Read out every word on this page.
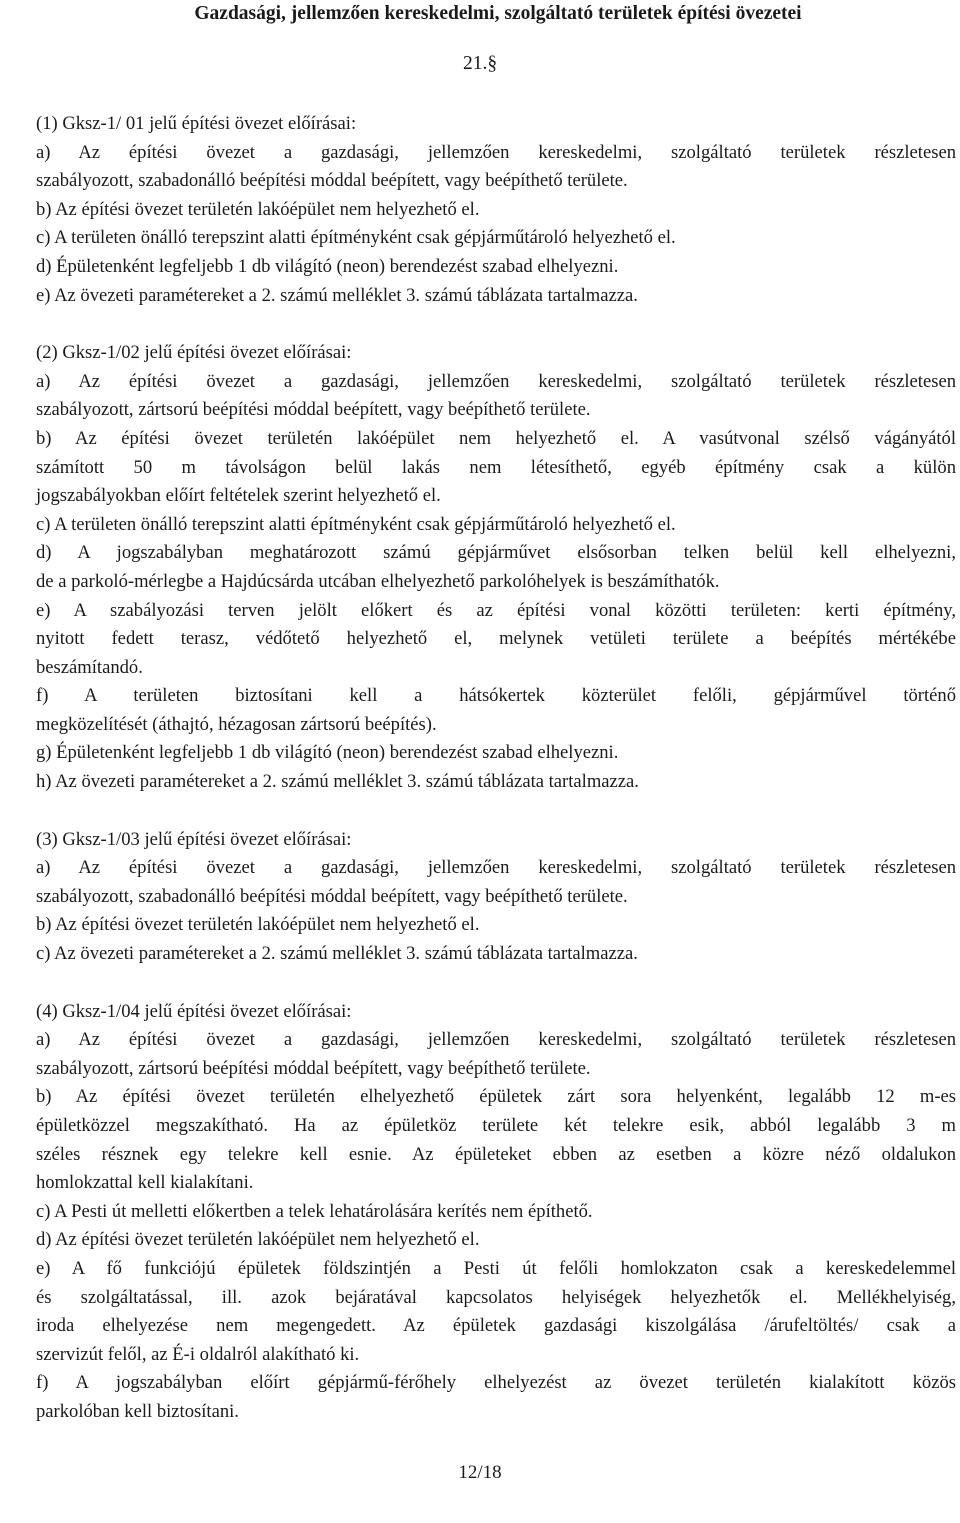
Gazdasági, jellemzően kereskedelmi, szolgáltató területek építési övezetei
21.§
(1) Gksz-1/ 01 jelű építési övezet előírásai:
a) Az építési övezet a gazdasági, jellemzően kereskedelmi, szolgáltató területek részletesen
szabályozott, szabadonálló beépítési móddal beépített, vagy beépíthető területe.
b) Az építési övezet területén lakóépület nem helyezhető el.
c) A területen önálló terepszint alatti építményként csak gépjárműtároló helyezhető el.
d) Épületenként legfeljebb 1 db világító (neon) berendezést szabad elhelyezni.
e) Az övezeti paramétereket a 2. számú melléklet 3. számú táblázata tartalmazza.
(2) Gksz-1/02 jelű építési övezet előírásai:
a) Az építési övezet a gazdasági, jellemzően kereskedelmi, szolgáltató területek részletesen
szabályozott, zártsorú beépítési móddal beépített, vagy beépíthető területe.
b) Az építési övezet területén lakóépület nem helyezhető el. A vasútvonal szélső vágányától
számított 50 m távolságon belül lakás nem létesíthető, egyéb építmény csak a külön
jogszabályokban előírt feltételek szerint helyezhető el.
c) A területen önálló terepszint alatti építményként csak gépjárműtároló helyezhető el.
d) A jogszabályban meghatározott számú gépjárművet elsősorban telken belül kell elhelyezni,
de a parkoló-mérlegbe a Hajdúcsárda utcában elhelyezhető parkolóhelyek is beszámíthatók.
e) A szabályozási terven jelölt előkert és az építési vonal közötti területen: kerti építmény,
nyitott fedett terasz, védőtető helyezhető el, melynek vetületi területe a beépítés mértékébe
beszámítandó.
f) A területen biztosítani kell a hátsókertek közterület felőli, gépjárművel történő
megközelítését (áthajtó, hézagosan zártsorú beépítés).
g) Épületenként legfeljebb 1 db világító (neon) berendezést szabad elhelyezni.
h) Az övezeti paramétereket a 2. számú melléklet 3. számú táblázata tartalmazza.
(3) Gksz-1/03 jelű építési övezet előírásai:
a) Az építési övezet a gazdasági, jellemzően kereskedelmi, szolgáltató területek részletesen
szabályozott, szabadonálló beépítési móddal beépített, vagy beépíthető területe.
b) Az építési övezet területén lakóépület nem helyezhető el.
c) Az övezeti paramétereket a 2. számú melléklet 3. számú táblázata tartalmazza.
(4) Gksz-1/04 jelű építési övezet előírásai:
a) Az építési övezet a gazdasági, jellemzően kereskedelmi, szolgáltató területek részletesen
szabályozott, zártsorú beépítési móddal beépített, vagy beépíthető területe.
b) Az építési övezet területén elhelyezhető épületek zárt sora helyenként, legalább 12 m-es
épületközzel megszakítható. Ha az épületköz területe két telekre esik, abból legalább 3 m
széles résznek egy telekre kell esnie. Az épületeket ebben az esetben a közre néző oldalukon
homlokzattal kell kialakítani.
c) A Pesti út melletti előkertben a telek lehatárolására kerítés nem építhető.
d) Az építési övezet területén lakóépület nem helyezhető el.
e) A fő funkciójú épületek földszintjén a Pesti út felőli homlokzaton csak a kereskedelemmel
és szolgáltatással, ill. azok bejáratával kapcsolatos helyiségek helyezhetők el. Mellékhelyiség,
iroda elhelyezése nem megengedett. Az épületek gazdasági kiszolgálása /árufeltöltés/ csak a
szervizút felől, az É-i oldalról alakítható ki.
f) A jogszabályban előírt gépjármű-férőhely elhelyezést az övezet területén kialakított közös
parkolóban kell biztosítani.
12/18
